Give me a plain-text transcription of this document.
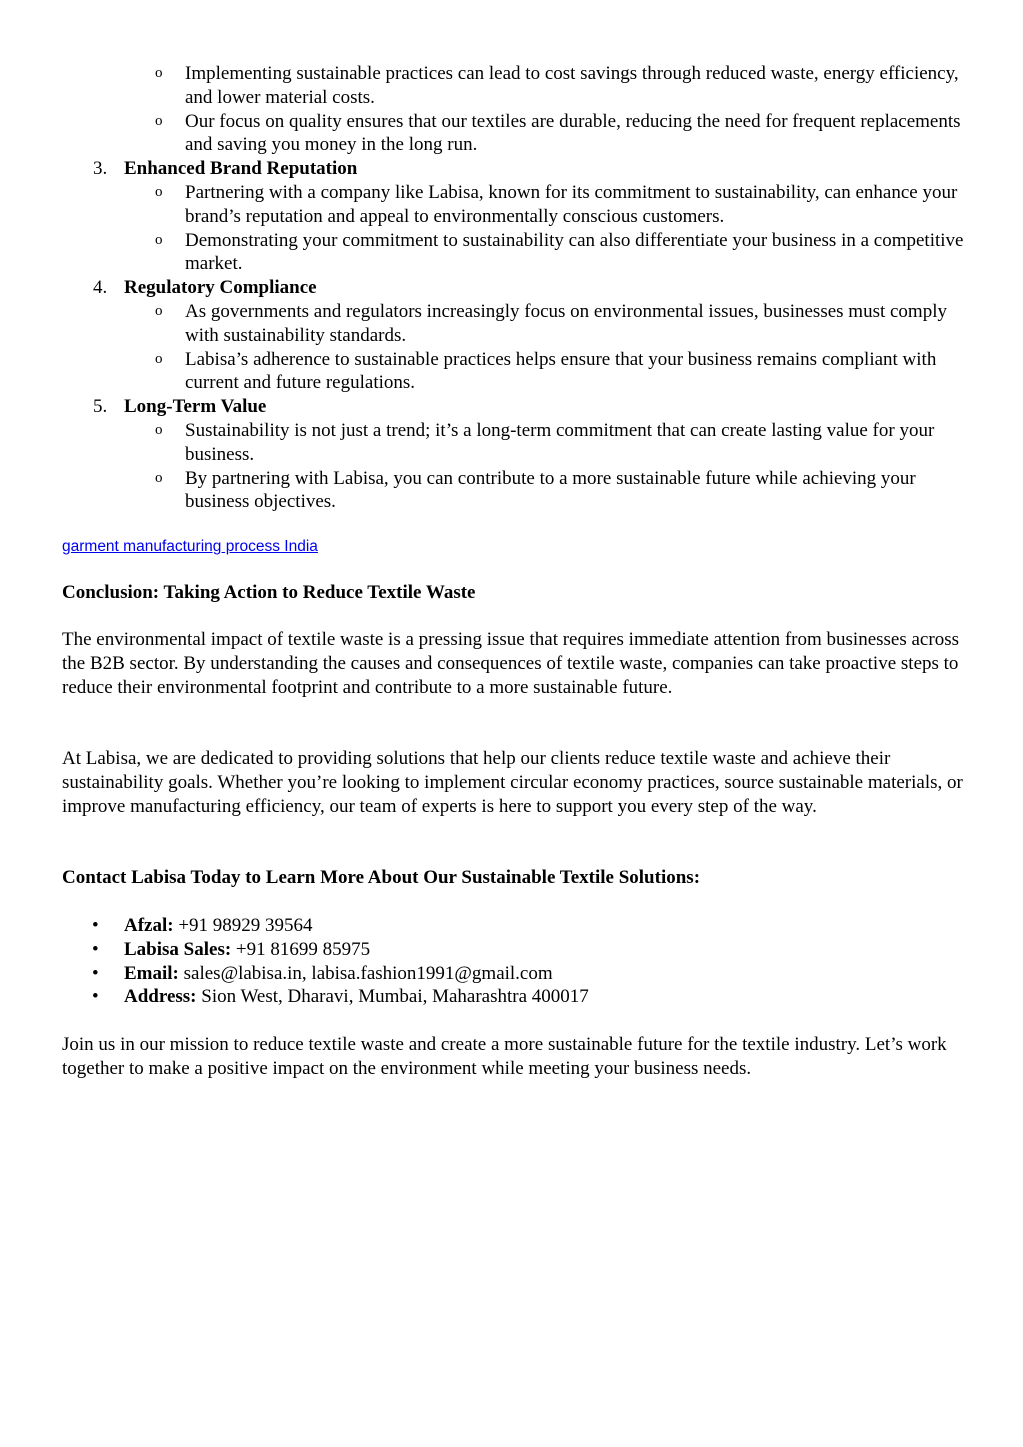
o Implementing sustainable practices can lead to cost savings through reduced waste, energy efficiency, and lower material costs.
o Our focus on quality ensures that our textiles are durable, reducing the need for frequent replacements and saving you money in the long run.
3. Enhanced Brand Reputation
o Partnering with a company like Labisa, known for its commitment to sustainability, can enhance your brand’s reputation and appeal to environmentally conscious customers.
o Demonstrating your commitment to sustainability can also differentiate your business in a competitive market.
4. Regulatory Compliance
o As governments and regulators increasingly focus on environmental issues, businesses must comply with sustainability standards.
o Labisa’s adherence to sustainable practices helps ensure that your business remains compliant with current and future regulations.
5. Long-Term Value
o Sustainability is not just a trend; it’s a long-term commitment that can create lasting value for your business.
o By partnering with Labisa, you can contribute to a more sustainable future while achieving your business objectives.
garment manufacturing process India

Conclusion: Taking Action to Reduce Textile Waste

The environmental impact of textile waste is a pressing issue that requires immediate attention from businesses across the B2B sector. By understanding the causes and consequences of textile waste, companies can take proactive steps to reduce their environmental footprint and contribute to a more sustainable future.

At Labisa, we are dedicated to providing solutions that help our clients reduce textile waste and achieve their sustainability goals. Whether you’re looking to implement circular economy practices, source sustainable materials, or improve manufacturing efficiency, our team of experts is here to support you every step of the way.

Contact Labisa Today to Learn More About Our Sustainable Textile Solutions:

• Afzal: +91 98929 39564
• Labisa Sales: +91 81699 85975
• Email: sales@labisa.in, labisa.fashion1991@gmail.com
• Address: Sion West, Dharavi, Mumbai, Maharashtra 400017

Join us in our mission to reduce textile waste and create a more sustainable future for the textile industry. Let’s work together to make a positive impact on the environment while meeting your business needs.
